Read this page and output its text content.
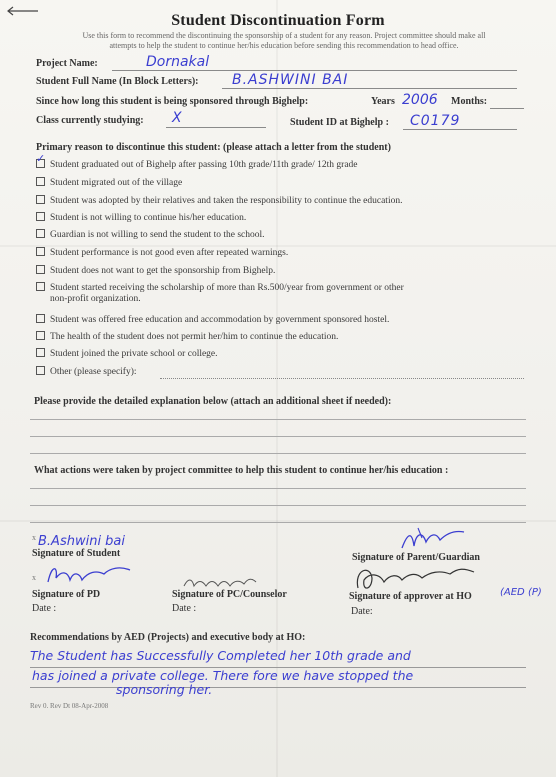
Student Discontinuation Form
Use this form to recommend the discontinuing the sponsorship of a student for any reason. Project committee should make all
attempts to help the student to continue her/his education before sending this recommendation to head office.
Project Name:	Dornakal
Student Full Name (In Block Letters): B.ASHWINI BAI
Since how long this student is being sponsored through Bighelp:	Years 2006 Months:
Class currently studying: X	Student ID at Bighelp : C0179
Primary reason to discontinue this student: (please attach a letter from the student)
✓Student graduated out of Bighelp after passing 10th grade/11th grade/ 12th grade
Student migrated out of the village
Student was adopted by their relatives and taken the responsibility to continue the education.
Student is not willing to continue his/her education.
Guardian is not willing to send the student to the school.
Student performance is not good even after repeated warnings.
Student does not want to get the sponsorship from Bighelp.
Student started receiving the scholarship of more than Rs.500/year from government or other
non-profit organization.
Student was offered free education and accommodation by government sponsored hostel.
The health of the student does not permit her/him to continue the education.
Student joined the private school or college.
Other (please specify):
Please provide the detailed explanation below (attach an additional sheet if needed):
What actions were taken by project committee to help this student to continue her/his education :
x B.Ashwini bai
Signature of Student	Signature of Parent/Guardian
x
Signature of PD
Date :
Signature of PC/Counselor
Date :
Signature of approver at HO	(AED (P)
Date:
Recommendations by AED (Projects) and executive body at HO:
The Student has Successfully Completed her 10th grade and
has joined a private college. There fore we have stopped the
sponsoring her.
Rev 0. Rev Dt 08-Apr-2008
